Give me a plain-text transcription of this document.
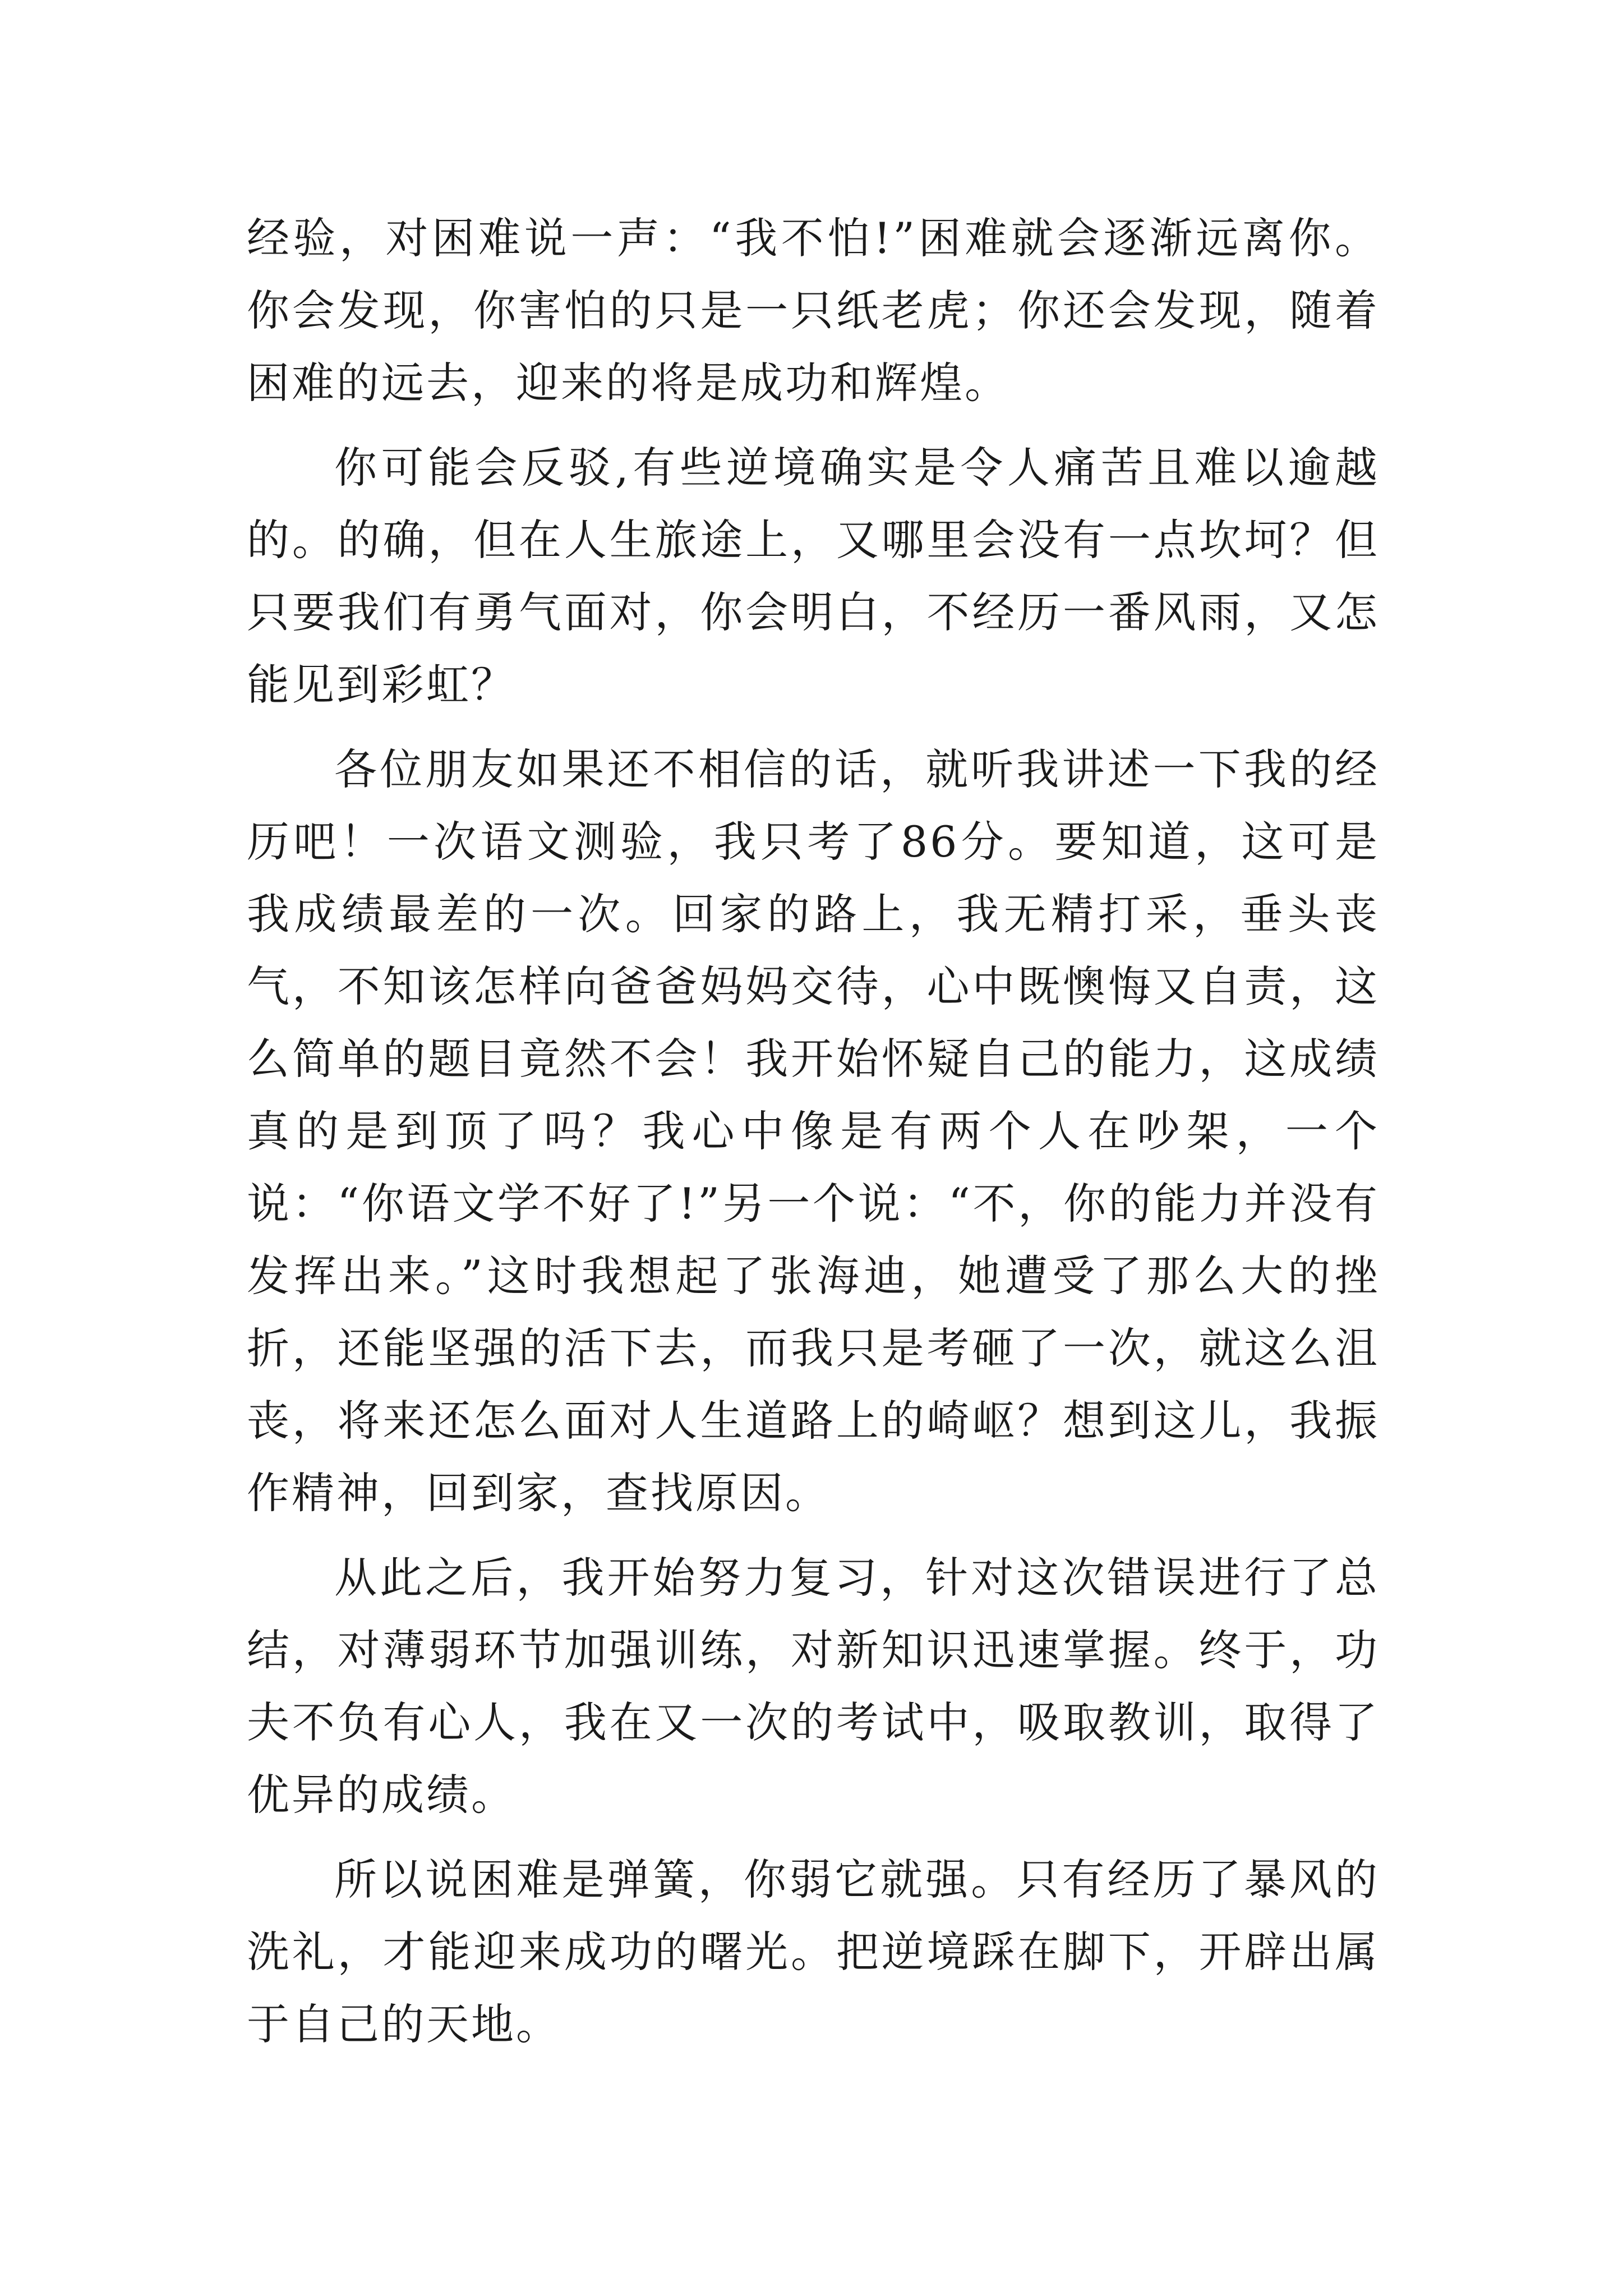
经验，对困难说一声：“我不怕!”困难就会逐渐远离你。你会发现，你害怕的只是一只纸老虎；你还会发现，随着困难的远去，迎来的将是成功和辉煌。

你可能会反驳,有些逆境确实是令人痛苦且难以逾越的。的确，但在人生旅途上，又哪里会没有一点坎坷？但只要我们有勇气面对，你会明白，不经历一番风雨，又怎能见到彩虹？

各位朋友如果还不相信的话，就听我讲述一下我的经历吧！一次语文测验，我只考了86分。要知道，这可是我成绩最差的一次。回家的路上，我无精打采，垂头丧气，不知该怎样向爸爸妈妈交待，心中既懊悔又自责，这么简单的题目竟然不会！我开始怀疑自己的能力，这成绩真的是到顶了吗？我心中像是有两个人在吵架，一个说：“你语文学不好了!”另一个说：“不，你的能力并没有发挥出来。”这时我想起了张海迪，她遭受了那么大的挫折，还能坚强的活下去，而我只是考砸了一次，就这么沮丧，将来还怎么面对人生道路上的崎岖？想到这儿，我振作精神，回到家，查找原因。

从此之后，我开始努力复习，针对这次错误进行了总结，对薄弱环节加强训练，对新知识迅速掌握。终于，功夫不负有心人，我在又一次的考试中，吸取教训，取得了优异的成绩。

所以说困难是弹簧，你弱它就强。只有经历了暴风的洗礼，才能迎来成功的曙光。把逆境踩在脚下，开辟出属于自己的天地。
